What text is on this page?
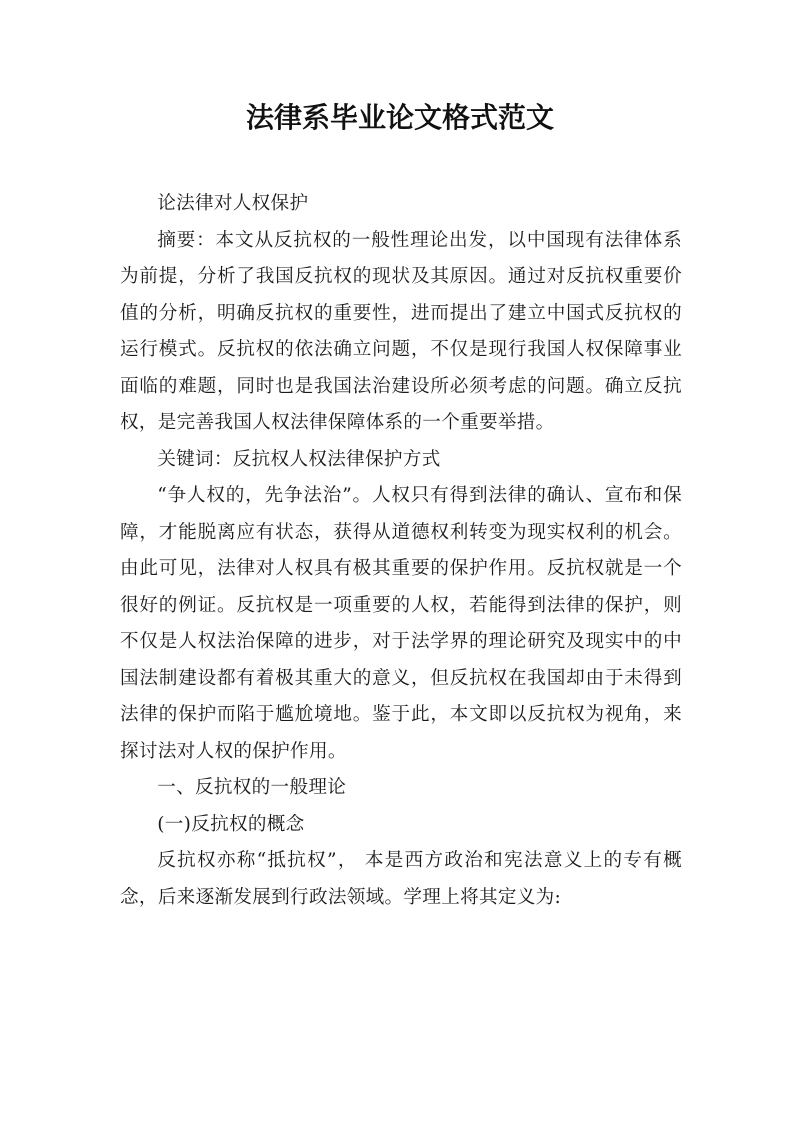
法律系毕业论文格式范文

论法律对人权保护

摘要：本文从反抗权的一般性理论出发，以中国现有法律体系为前提，分析了我国反抗权的现状及其原因。通过对反抗权重要价值的分析，明确反抗权的重要性，进而提出了建立中国式反抗权的运行模式。反抗权的依法确立问题，不仅是现行我国人权保障事业面临的难题，同时也是我国法治建设所必须考虑的问题。确立反抗权，是完善我国人权法律保障体系的一个重要举措。

关键词：反抗权人权法律保护方式

“争人权的，先争法治”。人权只有得到法律的确认、宣布和保障，才能脱离应有状态，获得从道德权利转变为现实权利的机会。由此可见，法律对人权具有极其重要的保护作用。反抗权就是一个很好的例证。反抗权是一项重要的人权，若能得到法律的保护，则不仅是人权法治保障的进步，对于法学界的理论研究及现实中的中国法制建设都有着极其重大的意义，但反抗权在我国却由于未得到法律的保护而陷于尴尬境地。鉴于此，本文即以反抗权为视角，来探讨法对人权的保护作用。

一、反抗权的一般理论

(一)反抗权的概念

反抗权亦称“抵抗权”， 本是西方政治和宪法意义上的专有概念，后来逐渐发展到行政法领域。学理上将其定义为:
